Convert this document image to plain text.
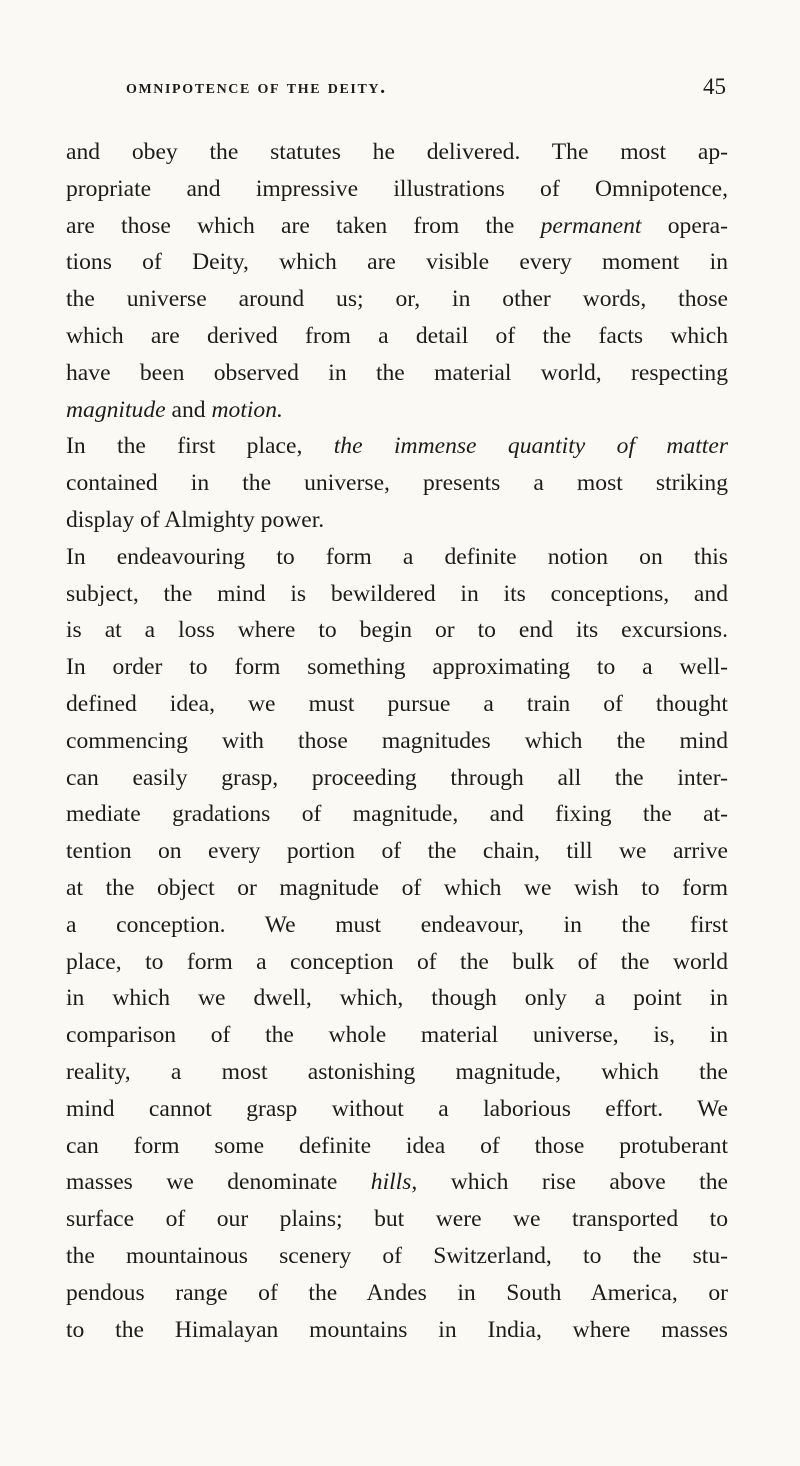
omnipotence of the deity.	45
and obey the statutes he delivered. The most ap-
propriate and impressive illustrations of Omnipotence,
are those which are taken from the permanent opera-
tions of Deity, which are visible every moment in
the universe around us; or, in other words, those
which are derived from a detail of the facts which
have been observed in the material world, respecting
magnitude and motion.
In the first place, the immense quantity of matter
contained in the universe, presents a most striking
display of Almighty power.
In endeavouring to form a definite notion on this
subject, the mind is bewildered in its conceptions, and
is at a loss where to begin or to end its excursions.
In order to form something approximating to a well-
defined idea, we must pursue a train of thought
commencing with those magnitudes which the mind
can easily grasp, proceeding through all the inter-
mediate gradations of magnitude, and fixing the at-
tention on every portion of the chain, till we arrive
at the object or magnitude of which we wish to form
a conception. We must endeavour, in the first
place, to form a conception of the bulk of the world
in which we dwell, which, though only a point in
comparison of the whole material universe, is, in
reality, a most astonishing magnitude, which the
mind cannot grasp without a laborious effort. We
can form some definite idea of those protuberant
masses we denominate hills, which rise above the
surface of our plains; but were we transported to
the mountainous scenery of Switzerland, to the stu-
pendous range of the Andes in South America, or
to the Himalayan mountains in India, where masses
